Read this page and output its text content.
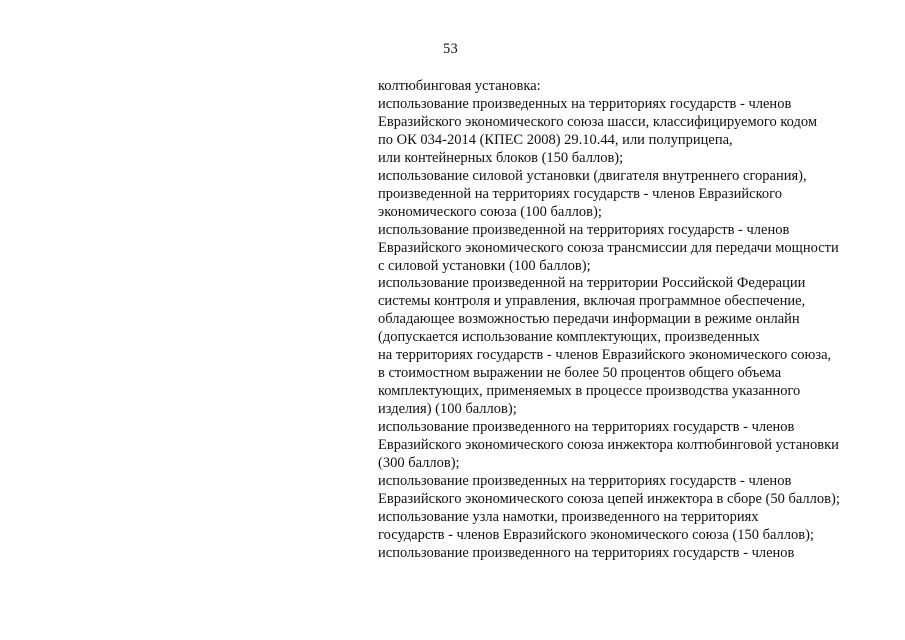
53
колтюбинговая установка:
использование произведенных на территориях государств - членов
Евразийского экономического союза шасси, классифицируемого кодом
по ОК 034-2014 (КПЕС 2008) 29.10.44, или полуприцепа,
или контейнерных блоков (150 баллов);
использование силовой установки (двигателя внутреннего сгорания),
произведенной на территориях государств - членов Евразийского
экономического союза (100 баллов);
использование произведенной на территориях государств - членов
Евразийского экономического союза трансмиссии для передачи мощности
с силовой установки (100 баллов);
использование произведенной на территории Российской Федерации
системы контроля и управления, включая программное обеспечение,
обладающее возможностью передачи информации в режиме онлайн
(допускается использование комплектующих, произведенных
на территориях государств - членов Евразийского экономического союза,
в стоимостном выражении не более 50 процентов общего объема
комплектующих, применяемых в процессе производства указанного
изделия) (100 баллов);
использование произведенного на территориях государств - членов
Евразийского экономического союза инжектора колтюбинговой установки
(300 баллов);
использование произведенных на территориях государств - членов
Евразийского экономического союза цепей инжектора в сборе (50 баллов);
использование узла намотки, произведенного на территориях
государств - членов Евразийского экономического союза (150 баллов);
использование произведенного на территориях государств - членов
